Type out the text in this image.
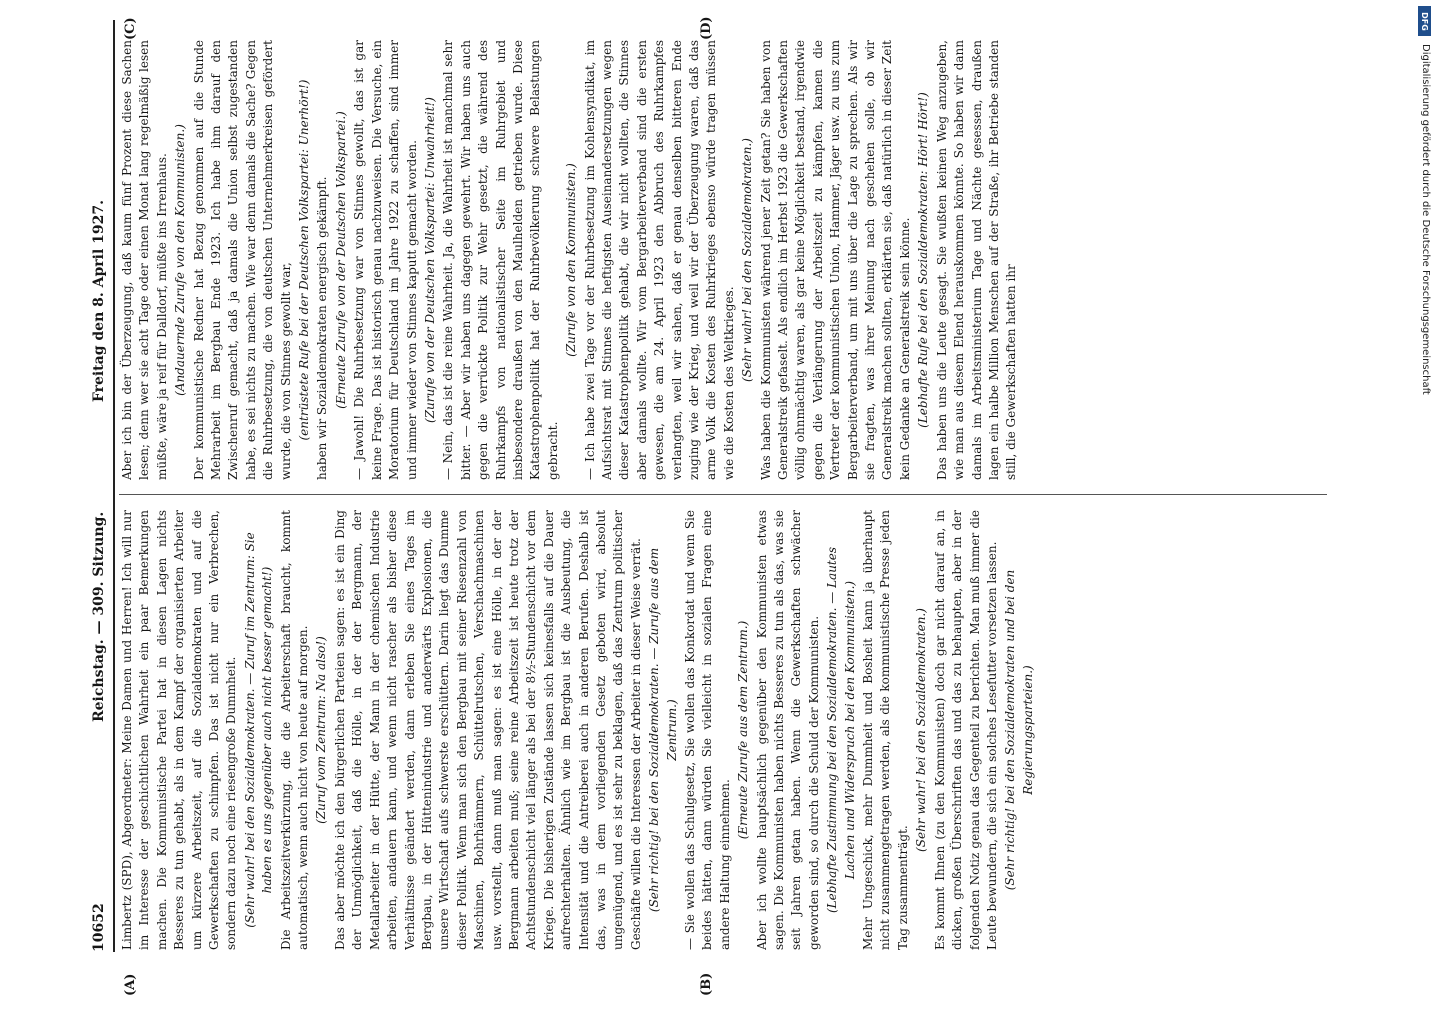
10652
Reichstag. — 309. Sitzung.
Freitag den 8. April 1927.
(A)	(B)
(C)	(D)

Limbertz (SPD), Abgeordneter: Meine Damen und Herren! Ich will nur im Interesse der geschichtlichen Wahrheit ein paar Bemerkungen machen. Die Kommunistische Partei hat in diesen Lagen nichts Besseres zu tun gehabt, als in dem Kampf der organisierten Arbeiter um kürzere Arbeitszeit, auf die Sozialdemokraten und auf die Gewerkschaften zu schimpfen. Das ist nicht nur ein Verbrechen, sondern dazu noch eine riesengroße Dummheit. (Sehr wahr! bei den Sozialdemokraten. — Zuruf im Zentrum: Sie haben es uns gegenüber auch nicht besser gemacht!) Die Arbeitszeitverkürzung, die die Arbeiterschaft braucht, kommt automatisch, wenn auch nicht von heute auf morgen. (Zuruf vom Zentrum: Na also!) Das aber möchte ich den bürgerlichen Parteien sagen: es ist ein Ding der Unmöglichkeit, daß die Hölle, in der der Bergmann, der Metallarbeiter in der Hütte, der Mann in der chemischen Industrie arbeiten, andauern kann, und wenn nicht rascher als bisher diese Verhältnisse geändert werden, dann erleben Sie eines Tages im Bergbau, in der Hüttenindustrie und anderwärts Explosionen, die unsere Wirtschaft aufs schwerste erschüttern. Darin liegt das Dumme dieser Politik. Wenn man sich den Bergbau mit seiner Riesenzahl von Maschinen, Bohrhämmern, Schüttelrutschen, Verschachmaschinen usw. vorstellt, dann muß man sagen: es ist eine Hölle, in der der Bergmann arbeiten muß; seine reine Arbeitszeit ist heute trotz der Achtstundenschicht viel länger als bei der 8½-Stundenschicht vor dem Kriege. Die bisherigen Zustände lassen sich keinesfalls auf die Dauer aufrechterhalten. Ähnlich wie im Bergbau ist die Ausbeutung, die Intensität und die Antreiberei auch in anderen Berufen. Deshalb ist das, was in dem vorliegenden Gesetz geboten wird, absolut ungenügend, und es ist sehr zu beklagen, daß das Zentrum politischer Geschäfte willen die Interessen der Arbeiter in dieser Weise verrät. (Sehr richtig! bei den Sozialdemokraten. — Zurufe aus dem Zentrum.) — Sie wollen das Schulgesetz, Sie wollen das Konkordat und wenn Sie beides hätten, dann würden Sie vielleicht in sozialen Fragen eine andere Haltung einnehmen.

(Erneute Zurufe aus dem Zentrum.) Aber ich wollte hauptsächlich gegenüber den Kommunisten etwas sagen. Die Kommunisten haben nichts Besseres zu tun als das, was sie seit Jahren getan haben. Wenn die Gewerkschaften schwächer geworden sind, so durch die Schuld der Kommunisten. (Lebhafte Zustimmung bei den Sozialdemokraten. — Lautes Lachen und Widerspruch bei den Kommunisten.) Mehr Ungeschick, mehr Dummheit und Bosheit kann ja überhaupt nicht zusammengetragen werden, als die kommunistische Presse jeden Tag zusammenträgt.

(Sehr wahr! bei den Sozialdemokraten.) Es kommt Ihnen (zu den Kommunisten) doch gar nicht darauf an, in dicken, großen Überschriften das und das zu behaupten, aber in der folgenden Notiz genau das Gegenteil zu berichten. Man muß immer die Leute bewundern, die sich ein solches Lesefutter vorsetzen lassen. (Sehr richtig! bei den Sozialdemokraten und bei den Regierungsparteien.)

Aber ich bin der Überzeugung, daß kaum fünf Prozent diese Sachen lesen; denn wer sie acht Tage oder einen Monat lang regelmäßig lesen müßte, wäre ja reif für Dalldorf, müßte ins Irrenhaus. (Andauernde Zurufe von den Kommunisten.) Der kommunistische Redner hat Bezug genommen auf die Stunde Mehrarbeit im Bergbau Ende 1923. Ich habe ihm darauf den Zwischenruf gemacht, daß ja damals die Union selbst zugestanden habe, es sei nichts zu machen. Wie war denn damals die Sache? Gegen die Ruhrbesetzung, die von deutschen Unternehmerkreisen gefördert wurde, die von Stinnes gewollt war, (entrüstete Rufe bei der Deutschen Volkspartei: Unerhört!) haben wir Sozialdemokraten energisch gekämpft. (Erneute Zurufe von der Deutschen Volkspartei.) — Jawohl! Die Ruhrbesetzung war von Stinnes gewollt, das ist gar keine Frage. Das ist historisch genau nachzuweisen. Die Versuche, ein Moratorium für Deutschland im Jahre 1922 zu schaffen, sind immer und immer wieder von Stinnes kaputt gemacht worden. (Zurufe von der Deutschen Volkspartei: Unwahrheit!) — Nein, das ist die reine Wahrheit. Ja, die Wahrheit ist manchmal sehr bitter. — Aber wir haben uns dagegen gewehrt. Wir haben uns auch gegen die verrückte Politik zur Wehr gesetzt, die während des Ruhrkampfs von nationalistischer Seite im Ruhrgebiet und insbesondere draußen von den Maulhelden getrieben wurde. Diese Katastrophenpolitik hat der Ruhrbevölkerung schwere Belastungen gebracht.

(Zurufe von den Kommunisten.) — Ich habe zwei Tage vor der Ruhrbesetzung im Kohlensyndikat, im Aufsichtsrat mit Stinnes die heftigsten Auseinandersetzungen wegen dieser Katastrophenpolitik gehabt, die wir nicht wollten, die Stinnes aber damals wollte. Wir vom Bergarbeiterverband sind die ersten gewesen, die am 24. April 1923 den Abbruch des Ruhrkampfes verlangten, weil wir sahen, daß er genau denselben bitteren Ende zuging wie der Krieg, und weil wir der Überzeugung waren, daß das arme Volk die Kosten des Ruhrkrieges ebenso würde tragen müssen wie die Kosten des Weltkrieges.

(Sehr wahr! bei den Sozialdemokraten.) Was haben die Kommunisten während jener Zeit getan? Sie haben von Generalstreik gefaselt. Als endlich im Herbst 1923 die Gewerkschaften völlig ohnmächtig waren, als gar keine Möglichkeit bestand, irgendwie gegen die Verlängerung der Arbeitszeit zu kämpfen, kamen die Vertreter der kommunistischen Union, Hammer, Jäger usw. zu uns zum Bergarbeiterverband, um mit uns über die Lage zu sprechen. Als wir sie fragten, was ihrer Meinung nach geschehen solle, ob wir Generalstreik machen sollten, erklärten sie, daß natürlich in dieser Zeit kein Gedanke an Generalstreik sein könne. (Lebhafte Rufe bei den Sozialdemokraten: Hört! Hört!) Das haben uns die Leute gesagt. Sie wußten keinen Weg anzugeben, wie man aus diesem Elend herauskommen könnte. So haben wir dann damals im Arbeitsministerium Tage und Nächte gesessen, draußen lagen ein halbe Million Menschen auf der Straße, ihr Betriebe standen still, die Gewerkschaften hatten ihr

DFG
Digitalisierung gefördert durch die Deutsche Forschungsgemeinschaft
